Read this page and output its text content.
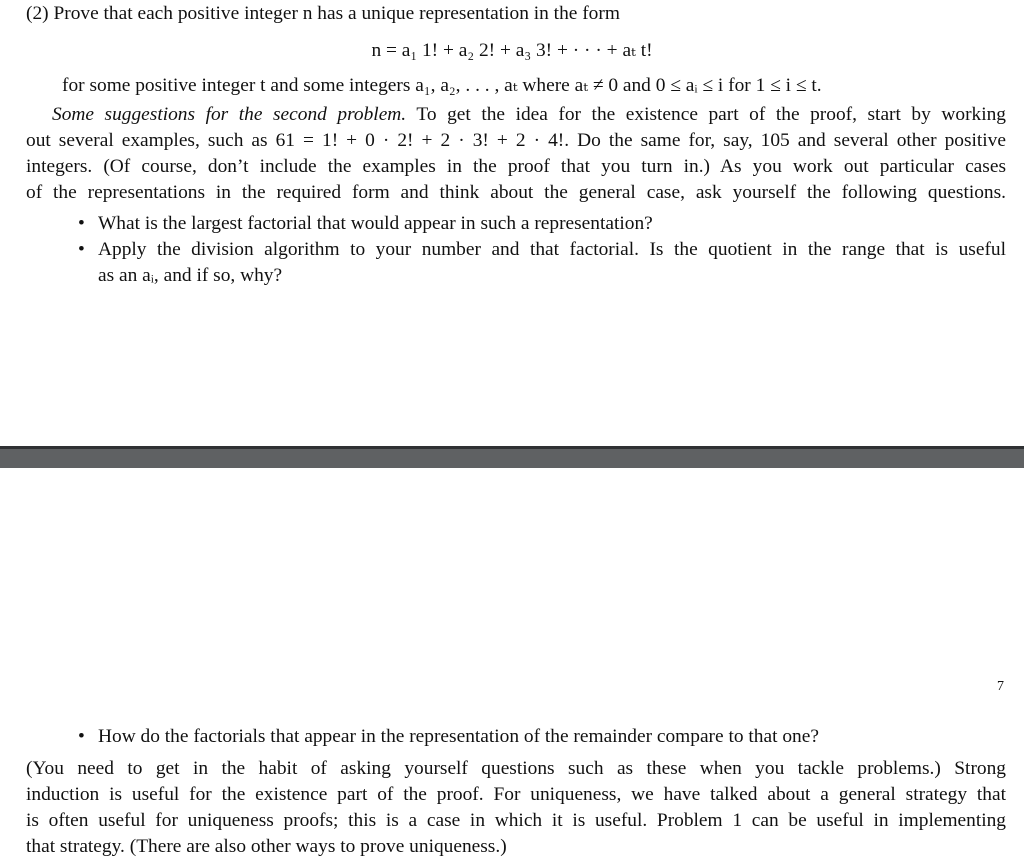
(2) Prove that each positive integer n has a unique representation in the form
n = a₁ 1! + a₂ 2! + a₃ 3! + · · · + aₜ t!
for some positive integer t and some integers a₁, a₂, . . . , aₜ where aₜ ≠ 0 and 0 ≤ aᵢ ≤ i for 1 ≤ i ≤ t.
Some suggestions for the second problem. To get the idea for the existence part of the proof, start by working
out several examples, such as 61 = 1! + 0 · 2! + 2 · 3! + 2 · 4!. Do the same for, say, 105 and several other positive
integers. (Of course, don’t include the examples in the proof that you turn in.) As you work out particular cases
of the representations in the required form and think about the general case, ask yourself the following questions.
• What is the largest factorial that would appear in such a representation?
• Apply the division algorithm to your number and that factorial. Is the quotient in the range that is useful
as an aᵢ, and if so, why?
7
• How do the factorials that appear in the representation of the remainder compare to that one?
(You need to get in the habit of asking yourself questions such as these when you tackle problems.) Strong
induction is useful for the existence part of the proof. For uniqueness, we have talked about a general strategy that
is often useful for uniqueness proofs; this is a case in which it is useful. Problem 1 can be useful in implementing
that strategy. (There are also other ways to prove uniqueness.)
